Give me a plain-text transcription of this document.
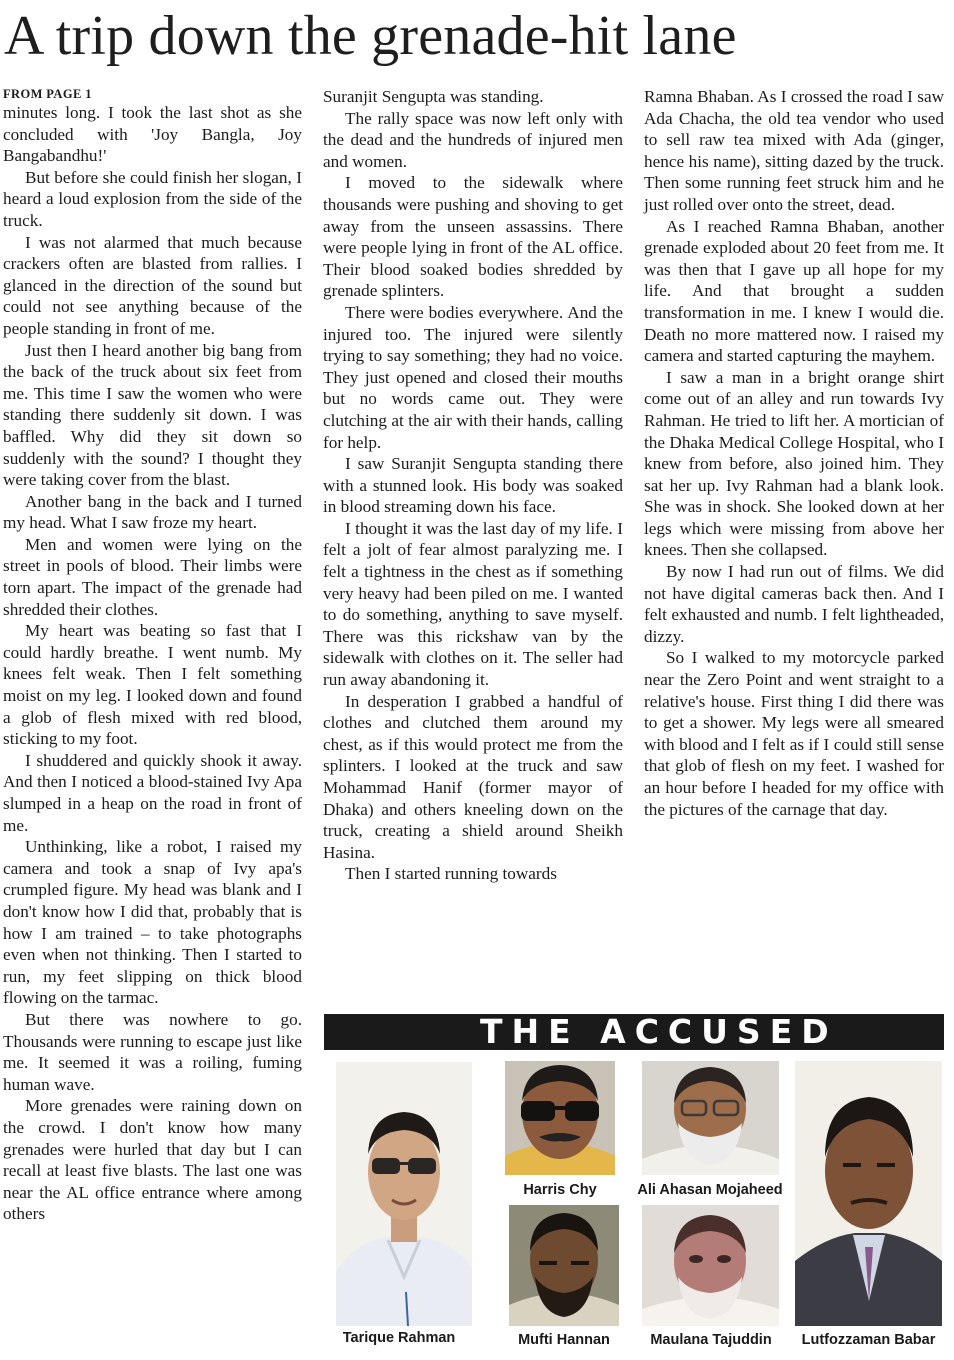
A trip down the grenade-hit lane

FROM PAGE 1

minutes long. I took the last shot as she concluded with 'Joy Bangla, Joy Bangabandhu!'

But before she could finish her slogan, I heard a loud explosion from the side of the truck.

I was not alarmed that much because crackers often are blasted from rallies. I glanced in the direction of the sound but could not see anything because of the people standing in front of me.

Just then I heard another big bang from the back of the truck about six feet from me. This time I saw the women who were standing there suddenly sit down. I was baffled. Why did they sit down so suddenly with the sound? I thought they were taking cover from the blast.

Another bang in the back and I turned my head. What I saw froze my heart.

Men and women were lying on the street in pools of blood. Their limbs were torn apart. The impact of the grenade had shredded their clothes.

My heart was beating so fast that I could hardly breathe. I went numb. My knees felt weak. Then I felt something moist on my leg. I looked down and found a glob of flesh mixed with red blood, sticking to my foot.

I shuddered and quickly shook it away. And then I noticed a blood-stained Ivy Apa slumped in a heap on the road in front of me.

Unthinking, like a robot, I raised my camera and took a snap of Ivy apa's crumpled figure. My head was blank and I don't know how I did that, probably that is how I am trained – to take photographs even when not thinking. Then I started to run, my feet slipping on thick blood flowing on the tarmac.

But there was nowhere to go. Thousands were running to escape just like me. It seemed it was a roiling, fuming human wave.

More grenades were raining down on the crowd. I don't know how many grenades were hurled that day but I can recall at least five blasts. The last one was near the AL office entrance where among others

Suranjit Sengupta was standing.

The rally space was now left only with the dead and the hundreds of injured men and women.

I moved to the sidewalk where thousands were pushing and shoving to get away from the unseen assassins. There were people lying in front of the AL office. Their blood soaked bodies shredded by grenade splinters.

There were bodies everywhere. And the injured too. The injured were silently trying to say something; they had no voice. They just opened and closed their mouths but no words came out. They were clutching at the air with their hands, calling for help.

I saw Suranjit Sengupta standing there with a stunned look. His body was soaked in blood streaming down his face.

I thought it was the last day of my life. I felt a jolt of fear almost paralyzing me. I felt a tightness in the chest as if something very heavy had been piled on me. I wanted to do something, anything to save myself. There was this rickshaw van by the sidewalk with clothes on it. The seller had run away abandoning it.

In desperation I grabbed a handful of clothes and clutched them around my chest, as if this would protect me from the splinters. I looked at the truck and saw Mohammad Hanif (former mayor of Dhaka) and others kneeling down on the truck, creating a shield around Sheikh Hasina.

Then I started running towards

Ramna Bhaban. As I crossed the road I saw Ada Chacha, the old tea vendor who used to sell raw tea mixed with Ada (ginger, hence his name), sitting dazed by the truck. Then some running feet struck him and he just rolled over onto the street, dead.

As I reached Ramna Bhaban, another grenade exploded about 20 feet from me. It was then that I gave up all hope for my life. And that brought a sudden transformation in me. I knew I would die. Death no more mattered now. I raised my camera and started capturing the mayhem.

I saw a man in a bright orange shirt come out of an alley and run towards Ivy Rahman. He tried to lift her. A mortician of the Dhaka Medical College Hospital, who I knew from before, also joined him. They sat her up. Ivy Rahman had a blank look. She was in shock. She looked down at her legs which were missing from above her knees. Then she collapsed.

By now I had run out of films. We did not have digital cameras back then. And I felt exhausted and numb. I felt lightheaded, dizzy.

So I walked to my motorcycle parked near the Zero Point and went straight to a relative's house. First thing I did there was to get a shower. My legs were all smeared with blood and I felt as if I could still sense that glob of flesh on my feet. I washed for an hour before I headed for my office with the pictures of the carnage that day.

THE ACCUSED
Tarique Rahman
Harris Chy	Ali Ahasan Mojaheed
Mufti Hannan	Maulana Tajuddin	Lutfozzaman Babar
